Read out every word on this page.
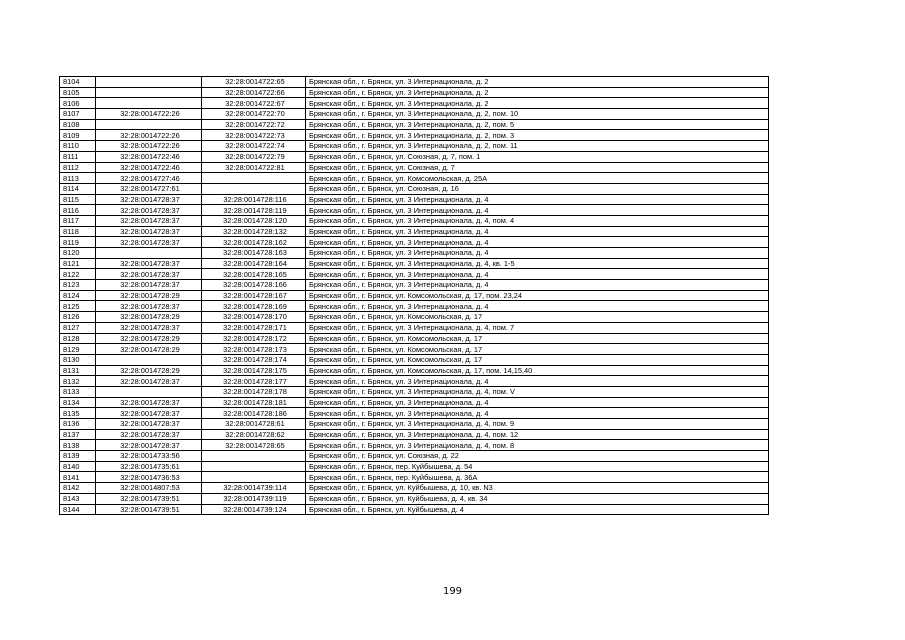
8104		32:28:0014722:65	Брянская обл., г. Брянск, ул. 3 Интернационала, д. 2
8105		32:28:0014722:66	Брянская обл., г. Брянск, ул. 3 Интернационала, д. 2
8106		32:28:0014722:67	Брянская обл., г. Брянск, ул. 3 Интернационала, д. 2
8107	32:28:0014722:26	32:28:0014722:70	Брянская обл., г. Брянск, ул. 3 Интернационала, д. 2, пом. 10
8108		32:28:0014722:72	Брянская обл., г. Брянск, ул. 3 Интернационала, д. 2, пом. 5
8109	32:28:0014722:26	32:28:0014722:73	Брянская обл., г. Брянск, ул. 3 Интернационала, д. 2, пом. 3
8110	32:28:0014722:26	32:28:0014722:74	Брянская обл., г. Брянск, ул. 3 Интернационала, д. 2, пом. 11
8111	32:28:0014722:46	32:28:0014722:79	Брянская обл., г. Брянск, ул. Союзная, д. 7, пом. 1
8112	32:28:0014722:46	32:28:0014722:81	Брянская обл., г. Брянск, ул. Союзная, д. 7
8113	32:28:0014727:46		Брянская обл., г. Брянск, ул. Комсомольская, д. 25А
8114	32:28:0014727:61		Брянская обл., г. Брянск, ул. Союзная, д. 16
8115	32:28:0014728:37	32:28:0014728:116	Брянская обл., г. Брянск, ул. 3 Интернационала, д. 4
8116	32:28:0014728:37	32:28:0014728:119	Брянская обл., г. Брянск, ул. 3 Интернационала, д. 4
8117	32:28:0014728:37	32:28:0014728:120	Брянская обл., г. Брянск, ул. 3 Интернационала, д. 4, пом. 4
8118	32:28:0014728:37	32:28:0014728:132	Брянская обл., г. Брянск, ул. 3 Интернационала, д. 4
8119	32:28:0014728:37	32:28:0014728:162	Брянская обл., г. Брянск, ул. 3 Интернационала, д. 4
8120		32:28:0014728:163	Брянская обл., г. Брянск, ул. 3 Интернационала, д. 4
8121	32:28:0014728:37	32:28:0014728:164	Брянская обл., г. Брянск, ул. 3 Интернационала, д. 4, кв. 1-5
8122	32:28:0014728:37	32:28:0014728:165	Брянская обл., г. Брянск, ул. 3 Интернационала, д. 4
8123	32:28:0014728:37	32:28:0014728:166	Брянская обл., г. Брянск, ул. 3 Интернационала, д. 4
8124	32:28:0014728:29	32:28:0014728:167	Брянская обл., г. Брянск, ул. Комсомольская, д. 17, пом. 23,24
8125	32:28:0014728:37	32:28:0014728:169	Брянская обл., г. Брянск, ул. 3 Интернационала, д. 4
8126	32:28:0014728:29	32:28:0014728:170	Брянская обл., г. Брянск, ул. Комсомольская, д. 17
8127	32:28:0014728:37	32:28:0014728:171	Брянская обл., г. Брянск, ул. 3 Интернационала, д. 4, пом. 7
8128	32:28:0014728:29	32:28:0014728:172	Брянская обл., г. Брянск, ул. Комсомольская, д. 17
8129	32:28:0014728:29	32:28:0014728:173	Брянская обл., г. Брянск, ул. Комсомольская, д. 17
8130		32:28:0014728:174	Брянская обл., г. Брянск, ул. Комсомольская, д. 17
8131	32:28:0014728:29	32:28:0014728:175	Брянская обл., г. Брянск, ул. Комсомольская, д. 17, пом. 14,15,40
8132	32:28:0014728:37	32:28:0014728:177	Брянская обл., г. Брянск, ул. 3 Интернационала, д. 4
8133		32:28:0014728:178	Брянская обл., г. Брянск, ул. 3 Интернационала, д. 4, пом. V
8134	32:28:0014728:37	32:28:0014728:181	Брянская обл., г. Брянск, ул. 3 Интернационала, д. 4
8135	32:28:0014728:37	32:28:0014728:186	Брянская обл., г. Брянск, ул. 3 Интернационала, д. 4
8136	32:28:0014728:37	32:28:0014728:61	Брянская обл., г. Брянск, ул. 3 Интернационала, д. 4, пом. 9
8137	32:28:0014728:37	32:28:0014728:62	Брянская обл., г. Брянск, ул. 3 Интернационала, д. 4, пом. 12
8138	32:28:0014728:37	32:28:0014728:65	Брянская обл., г. Брянск, ул. 3 Интернационала, д. 4, пом. 8
8139	32:28:0014733:56		Брянская обл., г. Брянск, ул. Союзная, д. 22
8140	32:28:0014735:61		Брянская обл., г. Брянск, пер. Куйбышева, д. 54
8141	32:28:0014736:53		Брянская обл., г. Брянск, пер. Куйбышева, д. 36А
8142	32:28:0014807:53	32:28:0014739:114	Брянская обл., г. Брянск, ул. Куйбышева, д. 10, кв. N3
8143	32:28:0014739:51	32:28:0014739:119	Брянская обл., г. Брянск, ул. Куйбышева, д. 4, кв. 34
8144	32:28:0014739:51	32:28:0014739:124	Брянская обл., г. Брянск, ул. Куйбышева, д. 4
199
